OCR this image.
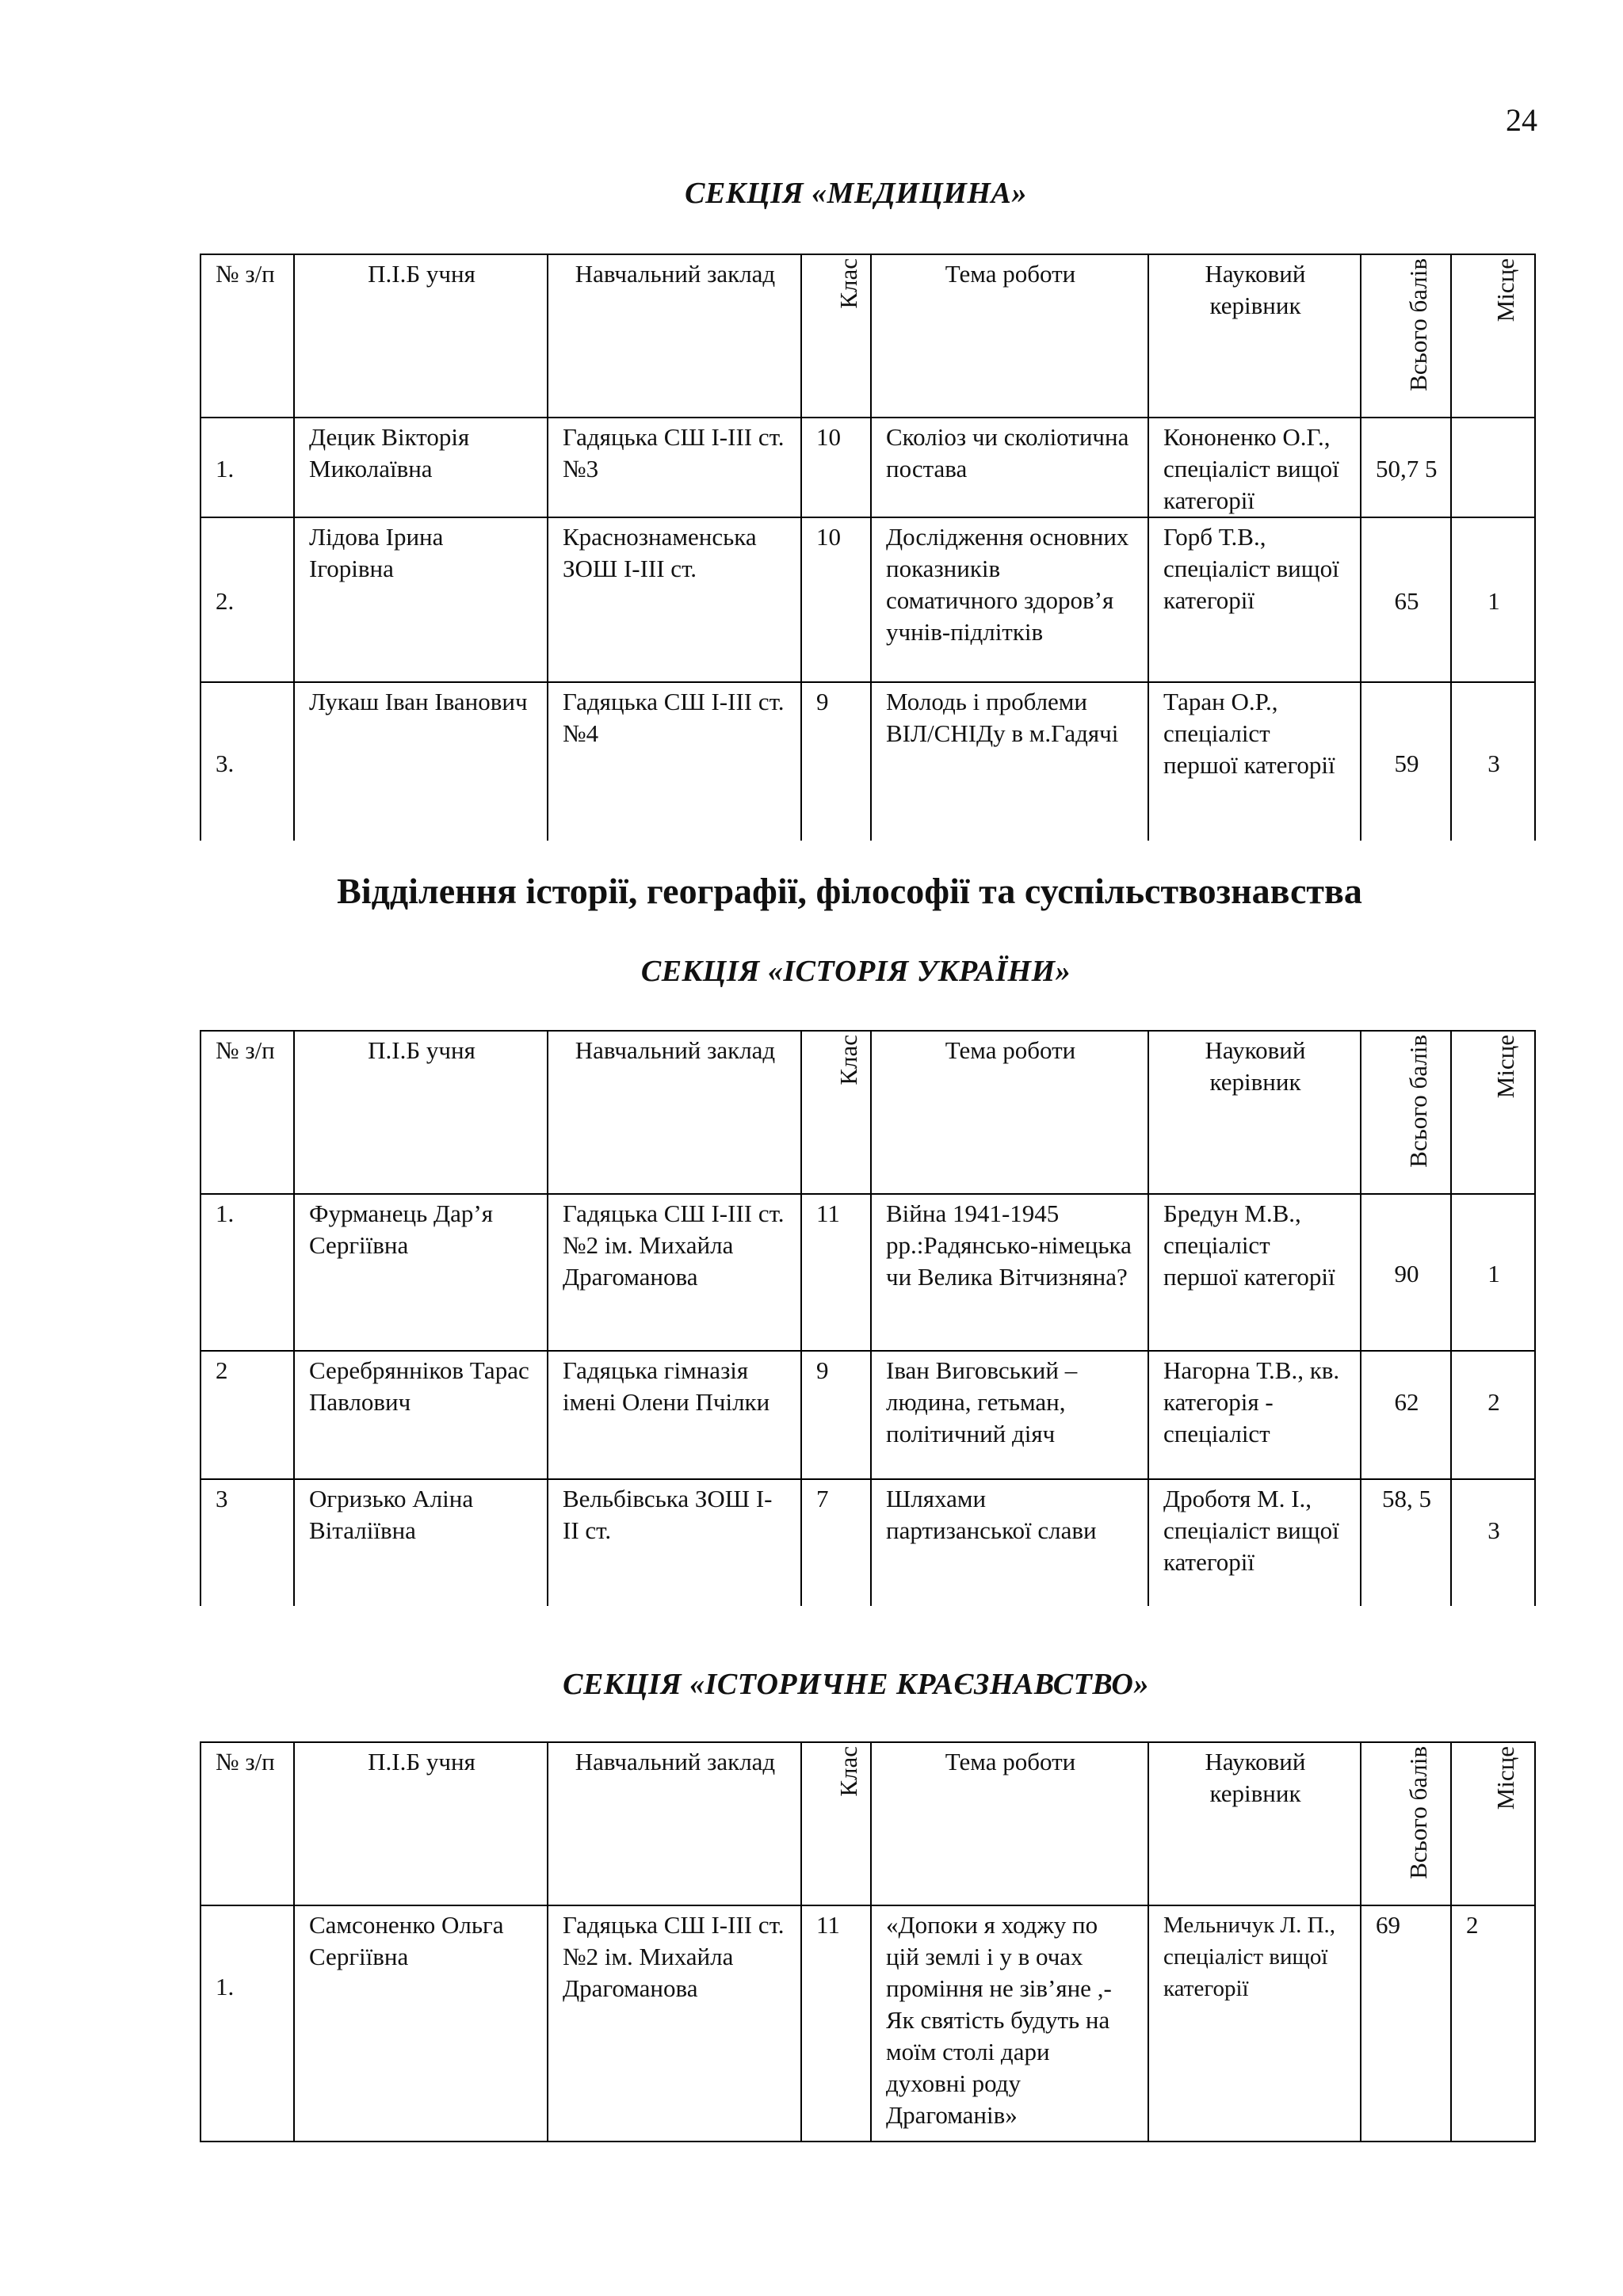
24
СЕКЦІЯ «МЕДИЦИНА»
№ з/п	П.І.Б учня	Навчальний заклад	Клас	Тема роботи	Науковий керівник	Всього балів	Місце

1.	Децик Вікторія Миколаївна	Гадяцька СШ І-ІІІ ст. №3	10	Сколіоз чи сколіотична постава	Кононенко О.Г., спеціаліст вищої категорії	50,7 5	
2.	Лідова Ірина Ігорівна	Краснознаменська ЗОШ І-ІІІ ст.	10	Дослідження основних показників соматичного здоров’я учнів-підлітків	Горб Т.В., спеціаліст вищої категорії	65	1
3.	Лукаш Іван Іванович	Гадяцька СШ І-ІІІ ст. №4	9	Молодь і проблеми ВІЛ/СНІДу в м.Гадячі	Таран О.Р., спеціаліст першої категорії	59	3
Відділення історії, географії, філософії та суспільствознавства
СЕКЦІЯ «ІСТОРІЯ УКРАЇНИ»
№ з/п	П.І.Б учня	Навчальний заклад	Клас	Тема роботи	Науковий керівник	Всього балів	Місце

1.	Фурманець Дар’я Сергіївна	Гадяцька СШ І-ІІІ ст. №2 ім. Михайла Драгоманова	11	Війна 1941-1945 рр.:Радянсько-німецька чи Велика Вітчизняна?	Бредун М.В., спеціаліст першої категорії	90	1
2	Серебрянніков Тарас Павлович	Гадяцька гімназія імені Олени Пчілки	9	Іван Виговський – людина, гетьман, політичний діяч	Нагорна Т.В., кв. категорія - спеціаліст	62	2
3	Огризько Аліна Віталіївна	Вельбівська ЗОШ І-ІІ ст.	7	Шляхами партизанської слави	Дроботя М. І., спеціаліст вищої категорії	58, 5	3
СЕКЦІЯ «ІСТОРИЧНЕ КРАЄЗНАВСТВО»
№ з/п	П.І.Б учня	Навчальний заклад	Клас	Тема роботи	Науковий керівник	Всього балів	Місце

1.	Самсоненко Ольга Сергіївна	Гадяцька СШ І-ІІІ ст. №2 ім. Михайла Драгоманова	11	«Допоки я ходжу по цій землі і у в очах проміння не зів’яне ,- Як святість будуть на моїм столі дари духовні роду Драгоманів»	Мельничук Л. П., спеціаліст вищої категорії	69	2
